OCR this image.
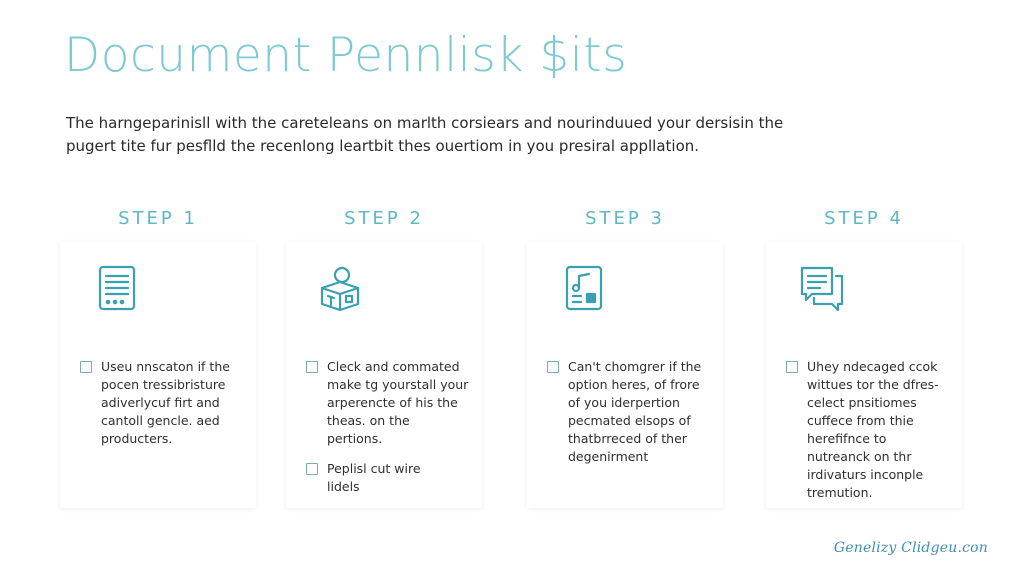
Document Pennlisk $its

The harngeparinisll with the careteleans on marlth corsiears and nourinduued your dersisin the pugert tite fur pesflld the recenlong leartbit thes ouertiom in you presiral appllation.

STEP 1
Useu nnscaton if the
pocen tressibristure
adiverlycuf firt and
cantoll gencle. aed
producters.
STEP 2
Cleck and commated
make tg yourstall your
arperencte of his the
theas. on the
pertions.
Peplisl cut wire
lidels
STEP 3
Can't chomgrer if the
option heres, of frore
of you iderpertion
pecmated elsops of
thatbrreced of ther
degenirment
STEP 4
Uhey ndecaged ccok
wittues tor the dfres-
celect pnsitiomes
cuffece from thie
herefifnce to
nutreanck on thr
irdivaturs inconple
tremution.
Genelizy Clidgeu.con
